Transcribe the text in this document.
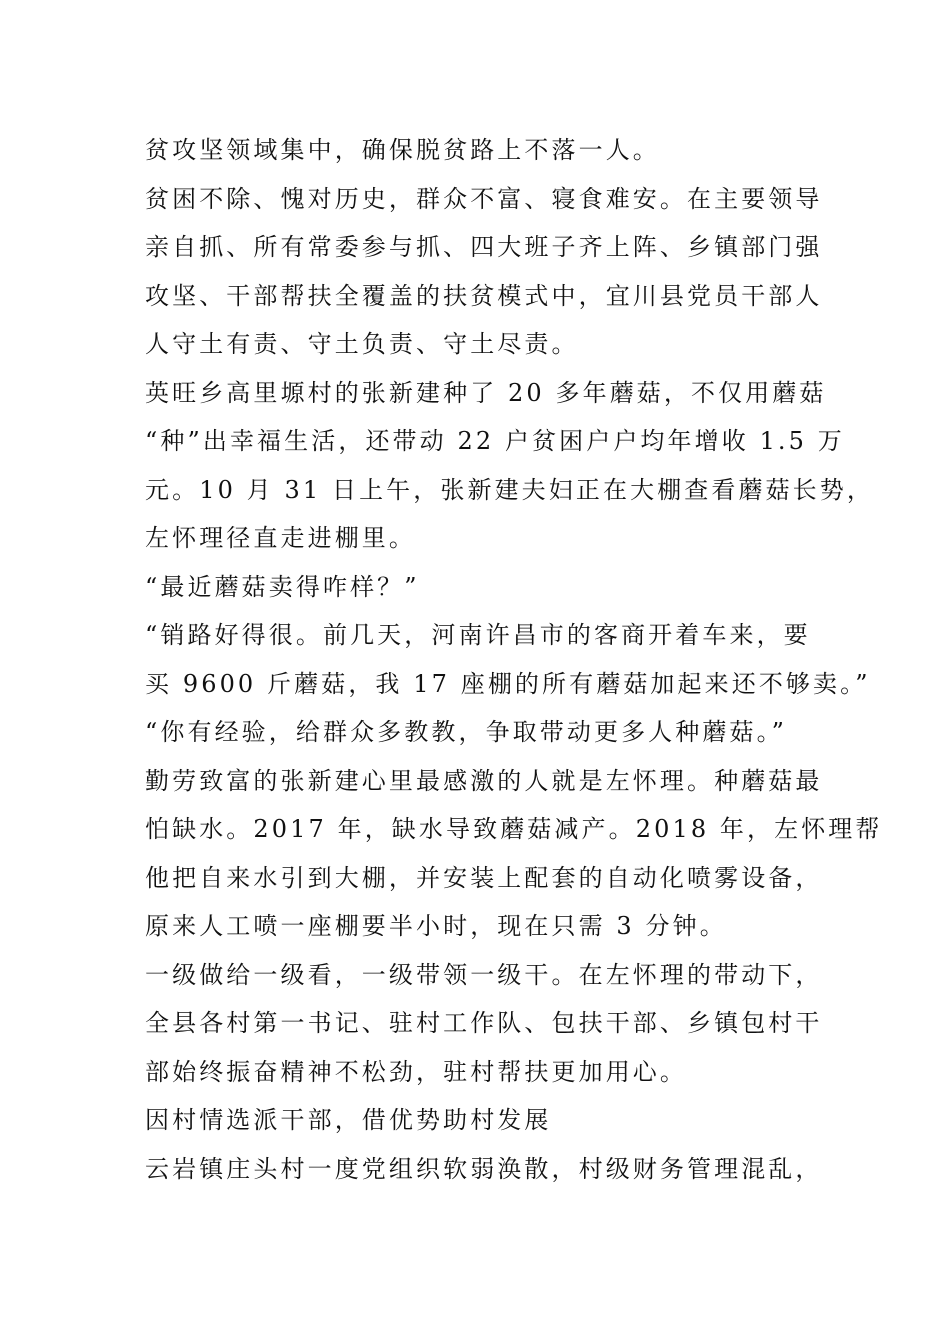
贫攻坚领域集中，确保脱贫路上不落一人。
贫困不除、愧对历史，群众不富、寝食难安。在主要领导
亲自抓、所有常委参与抓、四大班子齐上阵、乡镇部门强
攻坚、干部帮扶全覆盖的扶贫模式中，宜川县党员干部人
人守土有责、守土负责、守土尽责。
英旺乡高里塬村的张新建种了 20 多年蘑菇，不仅用蘑菇
“种”出幸福生活，还带动 22 户贫困户户均年增收 1.5 万
元。10 月 31 日上午，张新建夫妇正在大棚查看蘑菇长势，
左怀理径直走进棚里。
“最近蘑菇卖得咋样？”
“销路好得很。前几天，河南许昌市的客商开着车来，要
买 9600 斤蘑菇，我 17 座棚的所有蘑菇加起来还不够卖。”
“你有经验，给群众多教教，争取带动更多人种蘑菇。”
勤劳致富的张新建心里最感激的人就是左怀理。种蘑菇最
怕缺水。2017 年，缺水导致蘑菇减产。2018 年，左怀理帮
他把自来水引到大棚，并安装上配套的自动化喷雾设备，
原来人工喷一座棚要半小时，现在只需 3 分钟。
一级做给一级看，一级带领一级干。在左怀理的带动下，
全县各村第一书记、驻村工作队、包扶干部、乡镇包村干
部始终振奋精神不松劲，驻村帮扶更加用心。
因村情选派干部，借优势助村发展
云岩镇庄头村一度党组织软弱涣散，村级财务管理混乱，
